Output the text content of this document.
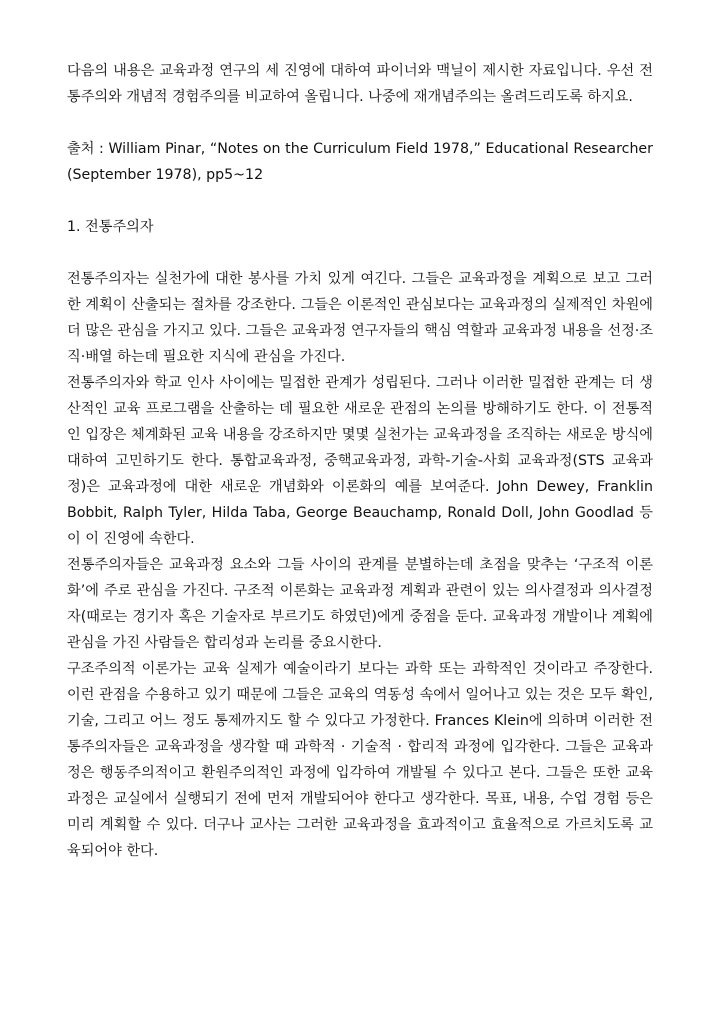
다음의 내용은 교육과정 연구의 세 진영에 대하여 파이너와 맥닐이 제시한 자료입니다. 우선 전통주의와 개념적 경험주의를 비교하여 올립니다. 나중에 재개념주의는 올려드리도록 하지요.

출처 : William Pinar, “Notes on the Curriculum Field 1978,” Educational Researcher (September 1978), pp5~12

1. 전통주의자

전통주의자는 실천가에 대한 봉사를 가치 있게 여긴다. 그들은 교육과정을 계획으로 보고 그러한 계획이 산출되는 절차를 강조한다. 그들은 이론적인 관심보다는 교육과정의 실제적인 차원에 더 많은 관심을 가지고 있다. 그들은 교육과정 연구자들의 핵심 역할과 교육과정 내용을 선정·조직·배열 하는데 필요한 지식에 관심을 가진다.

전통주의자와 학교 인사 사이에는 밀접한 관계가 성립된다. 그러나 이러한 밀접한 관계는 더 생산적인 교육 프로그램을 산출하는 데 필요한 새로운 관점의 논의를 방해하기도 한다. 이 전통적인 입장은 체계화된 교육 내용을 강조하지만 몇몇 실천가는 교육과정을 조직하는 새로운 방식에 대하여 고민하기도 한다. 통합교육과정, 중핵교육과정, 과학-기술-사회 교육과정(STS 교육과정)은 교육과정에 대한 새로운 개념화와 이론화의 예를 보여준다. John Dewey, Franklin Bobbit, Ralph Tyler, Hilda Taba, George Beauchamp, Ronald Doll, John Goodlad 등이 이 진영에 속한다.

전통주의자들은 교육과정 요소와 그들 사이의 관계를 분별하는데 초점을 맞추는 ‘구조적 이론화’에 주로 관심을 가진다. 구조적 이론화는 교육과정 계획과 관련이 있는 의사결정과 의사결정자(때로는 경기자 혹은 기술자로 부르기도 하였던)에게 중점을 둔다. 교육과정 개발이나 계획에 관심을 가진 사람들은 합리성과 논리를 중요시한다.

구조주의적 이론가는 교육 실제가 예술이라기 보다는 과학 또는 과학적인 것이라고 주장한다. 이런 관점을 수용하고 있기 때문에 그들은 교육의 역동성 속에서 일어나고 있는 것은 모두 확인, 기술, 그리고 어느 정도 통제까지도 할 수 있다고 가정한다. Frances Klein에 의하며 이러한 전통주의자들은 교육과정을 생각할 때 과학적 · 기술적 · 합리적 과정에 입각한다. 그들은 교육과정은 행동주의적이고 환원주의적인 과정에 입각하여 개발될 수 있다고 본다. 그들은 또한 교육과정은 교실에서 실행되기 전에 먼저 개발되어야 한다고 생각한다. 목표, 내용, 수업 경험 등은 미리 계획할 수 있다. 더구나 교사는 그러한 교육과정을 효과적이고 효율적으로 가르치도록 교육되어야 한다.
